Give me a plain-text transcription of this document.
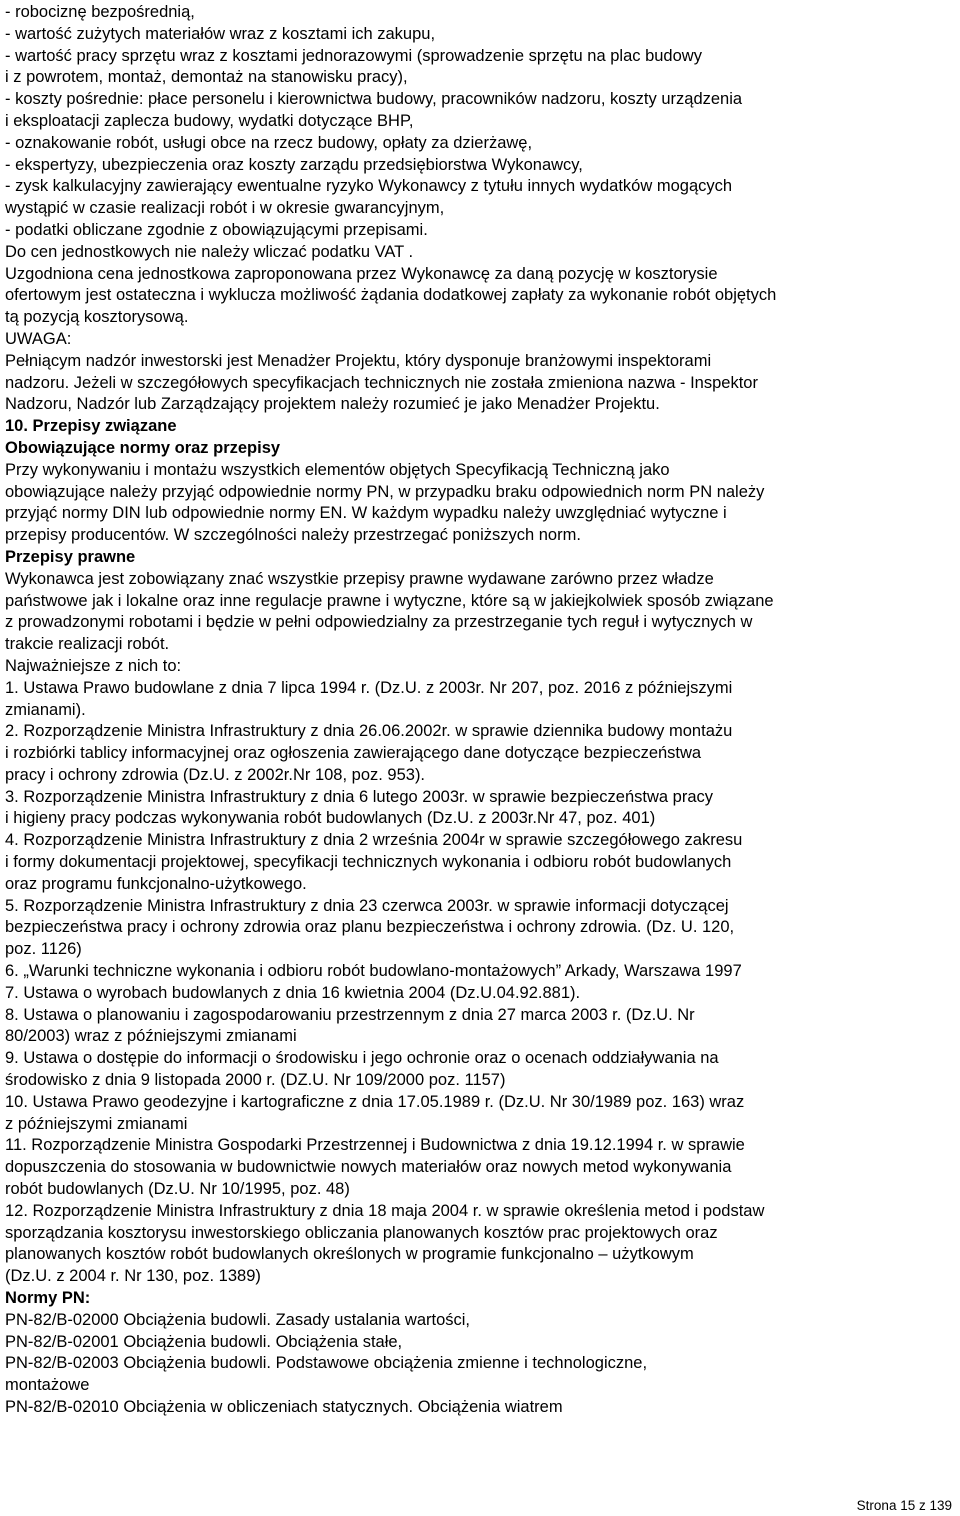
- robociznę bezpośrednią,

- wartość zużytych materiałów wraz z kosztami ich zakupu,

- wartość pracy sprzętu wraz z kosztami jednorazowymi (sprowadzenie sprzętu na plac budowy

i z powrotem, montaż, demontaż na stanowisku pracy),

- koszty pośrednie: płace personelu i kierownictwa budowy, pracowników nadzoru, koszty urządzenia

i eksploatacji zaplecza budowy, wydatki dotyczące BHP,

- oznakowanie robót, usługi obce na rzecz budowy, opłaty za dzierżawę,

- ekspertyzy, ubezpieczenia oraz koszty zarządu przedsiębiorstwa Wykonawcy,

- zysk kalkulacyjny zawierający ewentualne ryzyko Wykonawcy z tytułu innych wydatków mogących

wystąpić w czasie realizacji robót i w okresie gwarancyjnym,

- podatki obliczane zgodnie z obowiązującymi przepisami.

Do cen jednostkowych nie należy wliczać podatku VAT .

Uzgodniona cena jednostkowa zaproponowana przez Wykonawcę za daną pozycję w kosztorysie

ofertowym jest ostateczna i wyklucza możliwość żądania dodatkowej zapłaty za wykonanie robót objętych

tą pozycją kosztorysową.

UWAGA:

Pełniącym nadzór inwestorski jest Menadżer Projektu, który dysponuje branżowymi inspektorami

nadzoru. Jeżeli w szczegółowych specyfikacjach technicznych nie została zmieniona nazwa - Inspektor

Nadzoru, Nadzór lub Zarządzający projektem należy rozumieć je jako Menadżer Projektu.

10. Przepisy związane

Obowiązujące normy oraz przepisy

Przy wykonywaniu i montażu wszystkich elementów objętych Specyfikacją Techniczną jako

obowiązujące należy przyjąć odpowiednie normy PN, w przypadku braku odpowiednich norm PN należy

przyjąć normy DIN lub odpowiednie normy EN. W każdym wypadku należy uwzględniać wytyczne i

przepisy producentów. W szczególności należy przestrzegać poniższych norm.

Przepisy prawne

Wykonawca jest zobowiązany znać wszystkie przepisy prawne wydawane zarówno przez władze

państwowe jak i lokalne oraz inne regulacje prawne i wytyczne, które są w jakiejkolwiek sposób związane

z prowadzonymi robotami i będzie w pełni odpowiedzialny za przestrzeganie tych reguł i wytycznych w

trakcie realizacji robót.

Najważniejsze z nich to:

1. Ustawa Prawo budowlane z dnia 7 lipca 1994 r. (Dz.U. z 2003r. Nr 207, poz. 2016 z późniejszymi

zmianami).

2. Rozporządzenie Ministra Infrastruktury z dnia 26.06.2002r. w sprawie dziennika budowy montażu

i rozbiórki tablicy informacyjnej oraz ogłoszenia zawierającego dane dotyczące bezpieczeństwa

pracy i ochrony zdrowia (Dz.U. z 2002r.Nr 108, poz. 953).

3. Rozporządzenie Ministra Infrastruktury z dnia 6 lutego 2003r. w sprawie bezpieczeństwa pracy

i higieny pracy podczas wykonywania robót budowlanych (Dz.U. z 2003r.Nr 47, poz. 401)

4. Rozporządzenie Ministra Infrastruktury z dnia 2 września 2004r w sprawie szczegółowego zakresu

i formy dokumentacji projektowej, specyfikacji technicznych wykonania i odbioru robót budowlanych

oraz programu funkcjonalno-użytkowego.

5. Rozporządzenie Ministra Infrastruktury z dnia 23 czerwca 2003r. w sprawie informacji dotyczącej

bezpieczeństwa pracy i ochrony zdrowia oraz planu bezpieczeństwa i ochrony zdrowia. (Dz. U. 120,

poz. 1126)

6. „Warunki techniczne wykonania i odbioru robót budowlano-montażowych” Arkady, Warszawa 1997

7. Ustawa o wyrobach budowlanych z dnia 16 kwietnia 2004 (Dz.U.04.92.881).

8. Ustawa o planowaniu i zagospodarowaniu przestrzennym z dnia 27 marca 2003 r. (Dz.U. Nr

80/2003) wraz z późniejszymi zmianami

9. Ustawa o dostępie do informacji o środowisku i jego ochronie oraz o ocenach oddziaływania na

środowisko z dnia 9 listopada 2000 r. (DZ.U. Nr 109/2000 poz. 1157)

10. Ustawa Prawo geodezyjne i kartograficzne z dnia 17.05.1989 r. (Dz.U. Nr 30/1989 poz. 163) wraz

z późniejszymi zmianami

11. Rozporządzenie Ministra Gospodarki Przestrzennej i Budownictwa z dnia 19.12.1994 r. w sprawie

dopuszczenia do stosowania w budownictwie nowych materiałów oraz nowych metod wykonywania

robót budowlanych (Dz.U. Nr 10/1995, poz. 48)

12. Rozporządzenie Ministra Infrastruktury z dnia 18 maja 2004 r. w sprawie określenia metod i podstaw

sporządzania kosztorysu inwestorskiego obliczania planowanych kosztów prac projektowych oraz

planowanych kosztów robót budowlanych określonych w programie funkcjonalno – użytkowym

(Dz.U. z 2004 r. Nr 130, poz. 1389)

Normy PN:

PN-82/B-02000 Obciążenia budowli. Zasady ustalania wartości,

PN-82/B-02001 Obciążenia budowli. Obciążenia stałe,

PN-82/B-02003 Obciążenia budowli. Podstawowe obciążenia zmienne i technologiczne,

montażowe

PN-82/B-02010 Obciążenia w obliczeniach statycznych. Obciążenia wiatrem

Strona 15 z 139
